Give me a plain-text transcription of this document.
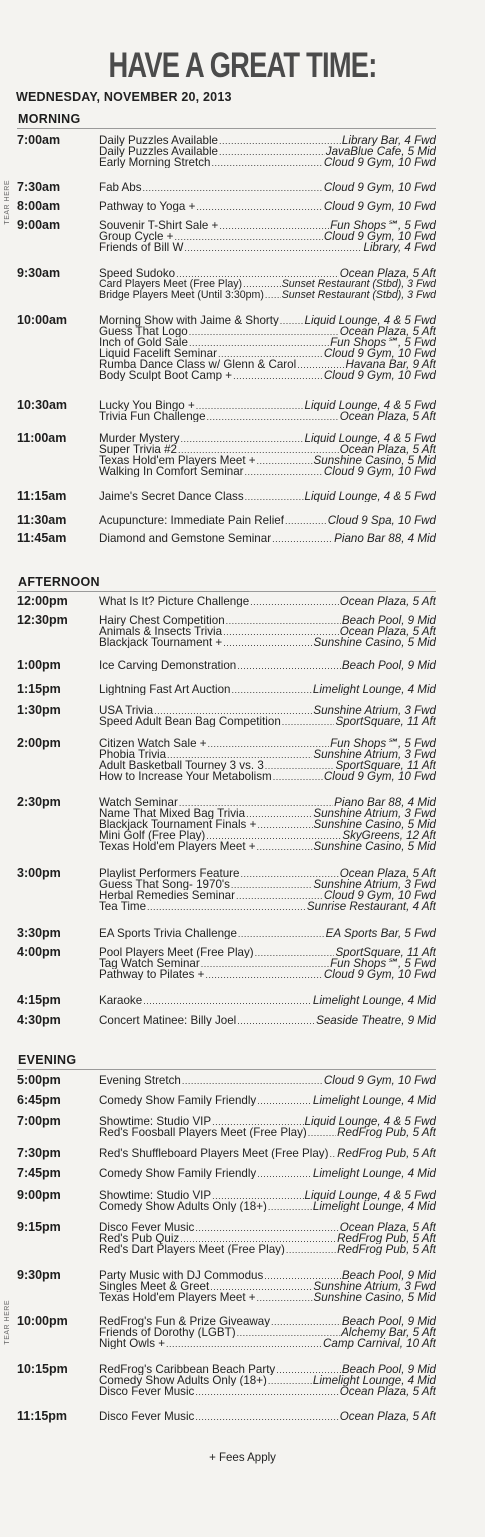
HAVE A GREAT TIME:
WEDNESDAY, NOVEMBER 20, 2013
TEAR HERE
TEAR HERE
MORNING
7:00am	Daily Puzzles Available .....	Library Bar, 4 Fwd
Daily Puzzles Available .....	JavaBlue Cafe, 5 Mid
Early Morning Stretch .....	Cloud 9 Gym, 10 Fwd
7:30am	Fab Abs .....	Cloud 9 Gym, 10 Fwd
8:00am	Pathway to Yoga + .....	Cloud 9 Gym, 10 Fwd
9:00am	Souvenir T-Shirt Sale + .....	Fun Shops℠, 5 Fwd
Group Cycle + .....	Cloud 9 Gym, 10 Fwd
Friends of Bill W .....	Library, 4 Fwd
9:30am	Speed Sudoko .....	Ocean Plaza, 5 Aft
Card Players Meet (Free Play) .....	Sunset Restaurant (Stbd), 3 Fwd
Bridge Players Meet (Until 3:30pm) ..... Sunset Restaurant (Stbd), 3 Fwd
10:00am	Morning Show with Jaime & Shorty ..... Liquid Lounge, 4 & 5 Fwd
Guess That Logo .....	Ocean Plaza, 5 Aft
Inch of Gold Sale .....	Fun Shops℠, 5 Fwd
Liquid Facelift Seminar .....	Cloud 9 Gym, 10 Fwd
Rumba Dance Class w/ Glenn & Carol .....	Havana Bar, 9 Aft
Body Sculpt Boot Camp + .....	Cloud 9 Gym, 10 Fwd
10:30am	Lucky You Bingo + .....	Liquid Lounge, 4 & 5 Fwd
Trivia Fun Challenge .....	Ocean Plaza, 5 Aft
11:00am	Murder Mystery .....	Liquid Lounge, 4 & 5 Fwd
Super Trivia #2 .....	Ocean Plaza, 5 Aft
Texas Hold'em Players Meet + .....	Sunshine Casino, 5 Mid
Walking In Comfort Seminar .....	Cloud 9 Gym, 10 Fwd
11:15am	Jaime's Secret Dance Class .....	Liquid Lounge, 4 & 5 Fwd
11:30am	Acupuncture: Immediate Pain Relief .....	Cloud 9 Spa, 10 Fwd
11:45am	Diamond and Gemstone Seminar .....	Piano Bar 88, 4 Mid
AFTERNOON
12:00pm	What Is It? Picture Challenge .....	Ocean Plaza, 5 Aft
12:30pm	Hairy Chest Competition .....	Beach Pool, 9 Mid
Animals & Insects Trivia .....	Ocean Plaza, 5 Aft
Blackjack Tournament + .....	Sunshine Casino, 5 Mid
1:00pm	Ice Carving Demonstration .....	Beach Pool, 9 Mid
1:15pm	Lightning Fast Art Auction .....	Limelight Lounge, 4 Mid
1:30pm	USA Trivia .....	Sunshine Atrium, 3 Fwd
Speed Adult Bean Bag Competition .....	SportSquare, 11 Aft
2:00pm	Citizen Watch Sale + .....	Fun Shops℠, 5 Fwd
Phobia Trivia .....	Sunshine Atrium, 3 Fwd
Adult Basketball Tourney 3 vs. 3 .....	SportSquare, 11 Aft
How to Increase Your Metabolism .....	Cloud 9 Gym, 10 Fwd
2:30pm	Watch Seminar .....	Piano Bar 88, 4 Mid
Name That Mixed Bag Trivia .....	Sunshine Atrium, 3 Fwd
Blackjack Tournament Finals + .....	Sunshine Casino, 5 Mid
Mini Golf (Free Play) .....	SkyGreens, 12 Aft
Texas Hold'em Players Meet + .....	Sunshine Casino, 5 Mid
3:00pm	Playlist Performers Feature .....	Ocean Plaza, 5 Aft
Guess That Song- 1970's .....	Sunshine Atrium, 3 Fwd
Herbal Remedies Seminar .....	Cloud 9 Gym, 10 Fwd
Tea Time .....	Sunrise Restaurant, 4 Aft
3:30pm	EA Sports Trivia Challenge .....	EA Sports Bar, 5 Fwd
4:00pm	Pool Players Meet (Free Play) .....	SportSquare, 11 Aft
Tag Watch Seminar .....	Fun Shops℠, 5 Fwd
Pathway to Pilates + .....	Cloud 9 Gym, 10 Fwd
4:15pm	Karaoke .....	Limelight Lounge, 4 Mid
4:30pm	Concert Matinee: Billy Joel .....	Seaside Theatre, 9 Mid
EVENING
5:00pm	Evening Stretch .....	Cloud 9 Gym, 10 Fwd
6:45pm	Comedy Show Family Friendly .....	Limelight Lounge, 4 Mid
7:00pm	Showtime: Studio VIP .....	Liquid Lounge, 4 & 5 Fwd
Red's Foosball Players Meet (Free Play) .....	RedFrog Pub, 5 Aft
7:30pm	Red's Shuffleboard Players Meet (Free Play) ..... RedFrog Pub, 5 Aft
7:45pm	Comedy Show Family Friendly .....	Limelight Lounge, 4 Mid
9:00pm	Showtime: Studio VIP .....	Liquid Lounge, 4 & 5 Fwd
Comedy Show Adults Only (18+) .....	Limelight Lounge, 4 Mid
9:15pm	Disco Fever Music .....	Ocean Plaza, 5 Aft
Red's Pub Quiz .....	RedFrog Pub, 5 Aft
Red's Dart Players Meet (Free Play) .....	RedFrog Pub, 5 Aft
9:30pm	Party Music with DJ Commodus .....	Beach Pool, 9 Mid
Singles Meet & Greet .....	Sunshine Atrium, 3 Fwd
Texas Hold'em Players Meet + .....	Sunshine Casino, 5 Mid
10:00pm	RedFrog's Fun & Prize Giveaway .....	Beach Pool, 9 Mid
Friends of Dorothy (LGBT) .....	Alchemy Bar, 5 Aft
Night Owls + .....	Camp Carnival, 10 Aft
10:15pm	RedFrog's Caribbean Beach Party .....	Beach Pool, 9 Mid
Comedy Show Adults Only (18+) .....	Limelight Lounge, 4 Mid
Disco Fever Music .....	Ocean Plaza, 5 Aft
11:15pm	Disco Fever Music .....	Ocean Plaza, 5 Aft
+ Fees Apply
